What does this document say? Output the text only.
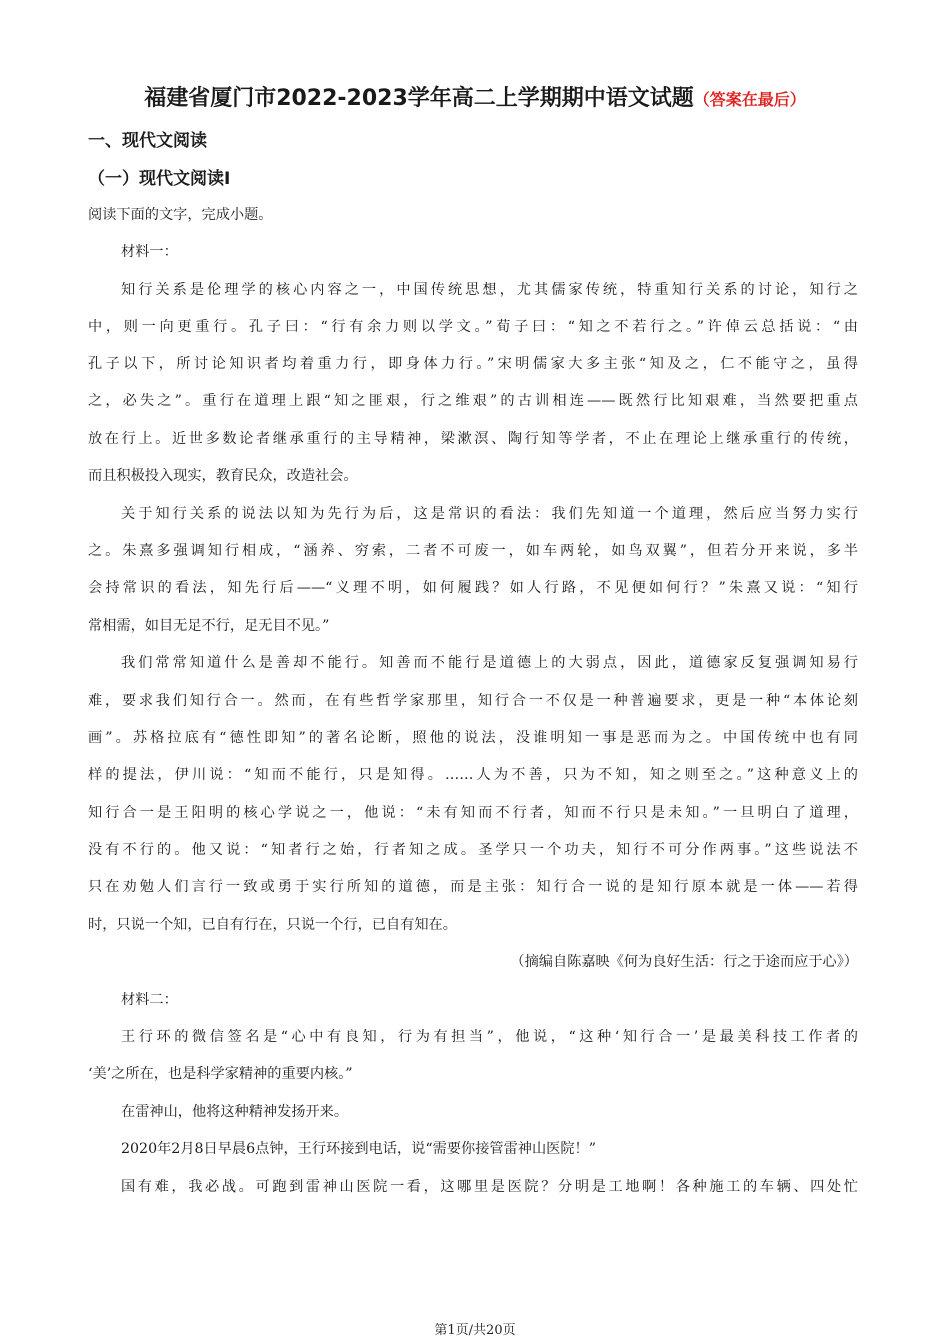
福建省厦门市2022-2023学年高二上学期期中语文试题（答案在最后）
一、现代文阅读
（一）现代文阅读Ⅰ
阅读下面的文字，完成小题。
材料一：
知行关系是伦理学的核心内容之一，中国传统思想，尤其儒家传统，特重知行关系的讨论，知行之
中，则一向更重行。孔子曰：“行有余力则以学文。”荀子曰：“知之不若行之。”许倬云总括说：“由
孔子以下，所讨论知识者均着重力行，即身体力行。”宋明儒家大多主张“知及之，仁不能守之，虽得
之，必失之”。重行在道理上跟“知之匪艰，行之维艰”的古训相连——既然行比知艰难，当然要把重点
放在行上。近世多数论者继承重行的主导精神，梁漱溟、陶行知等学者，不止在理论上继承重行的传统，
而且积极投入现实，教育民众，改造社会。
关于知行关系的说法以知为先行为后，这是常识的看法：我们先知道一个道理，然后应当努力实行
之。朱熹多强调知行相成，“涵养、穷索，二者不可废一，如车两轮，如鸟双翼”，但若分开来说，多半
会持常识的看法，知先行后——“义理不明，如何履践？如人行路，不见便如何行？”朱熹又说：“知行
常相需，如目无足不行，足无目不见。”
我们常常知道什么是善却不能行。知善而不能行是道德上的大弱点，因此，道德家反复强调知易行
难，要求我们知行合一。然而，在有些哲学家那里，知行合一不仅是一种普遍要求，更是一种“本体论刻
画”。苏格拉底有“德性即知”的著名论断，照他的说法，没谁明知一事是恶而为之。中国传统中也有同
样的提法，伊川说：“知而不能行，只是知得。……人为不善，只为不知，知之则至之。”这种意义上的
知行合一是王阳明的核心学说之一，他说：“未有知而不行者，知而不行只是未知。”一旦明白了道理，
没有不行的。他又说：“知者行之始，行者知之成。圣学只一个功夫，知行不可分作两事。”这些说法不
只在劝勉人们言行一致或勇于实行所知的道德，而是主张：知行合一说的是知行原本就是一体——若得
时，只说一个知，已自有行在，只说一个行，已自有知在。
（摘编自陈嘉映《何为良好生活：行之于途而应于心》）
材料二：
王行环的微信签名是“心中有良知，行为有担当”，他说，“这种‘知行合一’是最美科技工作者的
‘美’之所在，也是科学家精神的重要内核。”
在雷神山，他将这种精神发扬开来。
2020年2月8日早晨6点钟，王行环接到电话，说“需要你接管雷神山医院！”
国有难，我必战。可跑到雷神山医院一看，这哪里是医院？分明是工地啊！各种施工的车辆、四处忙
第1页/共20页
